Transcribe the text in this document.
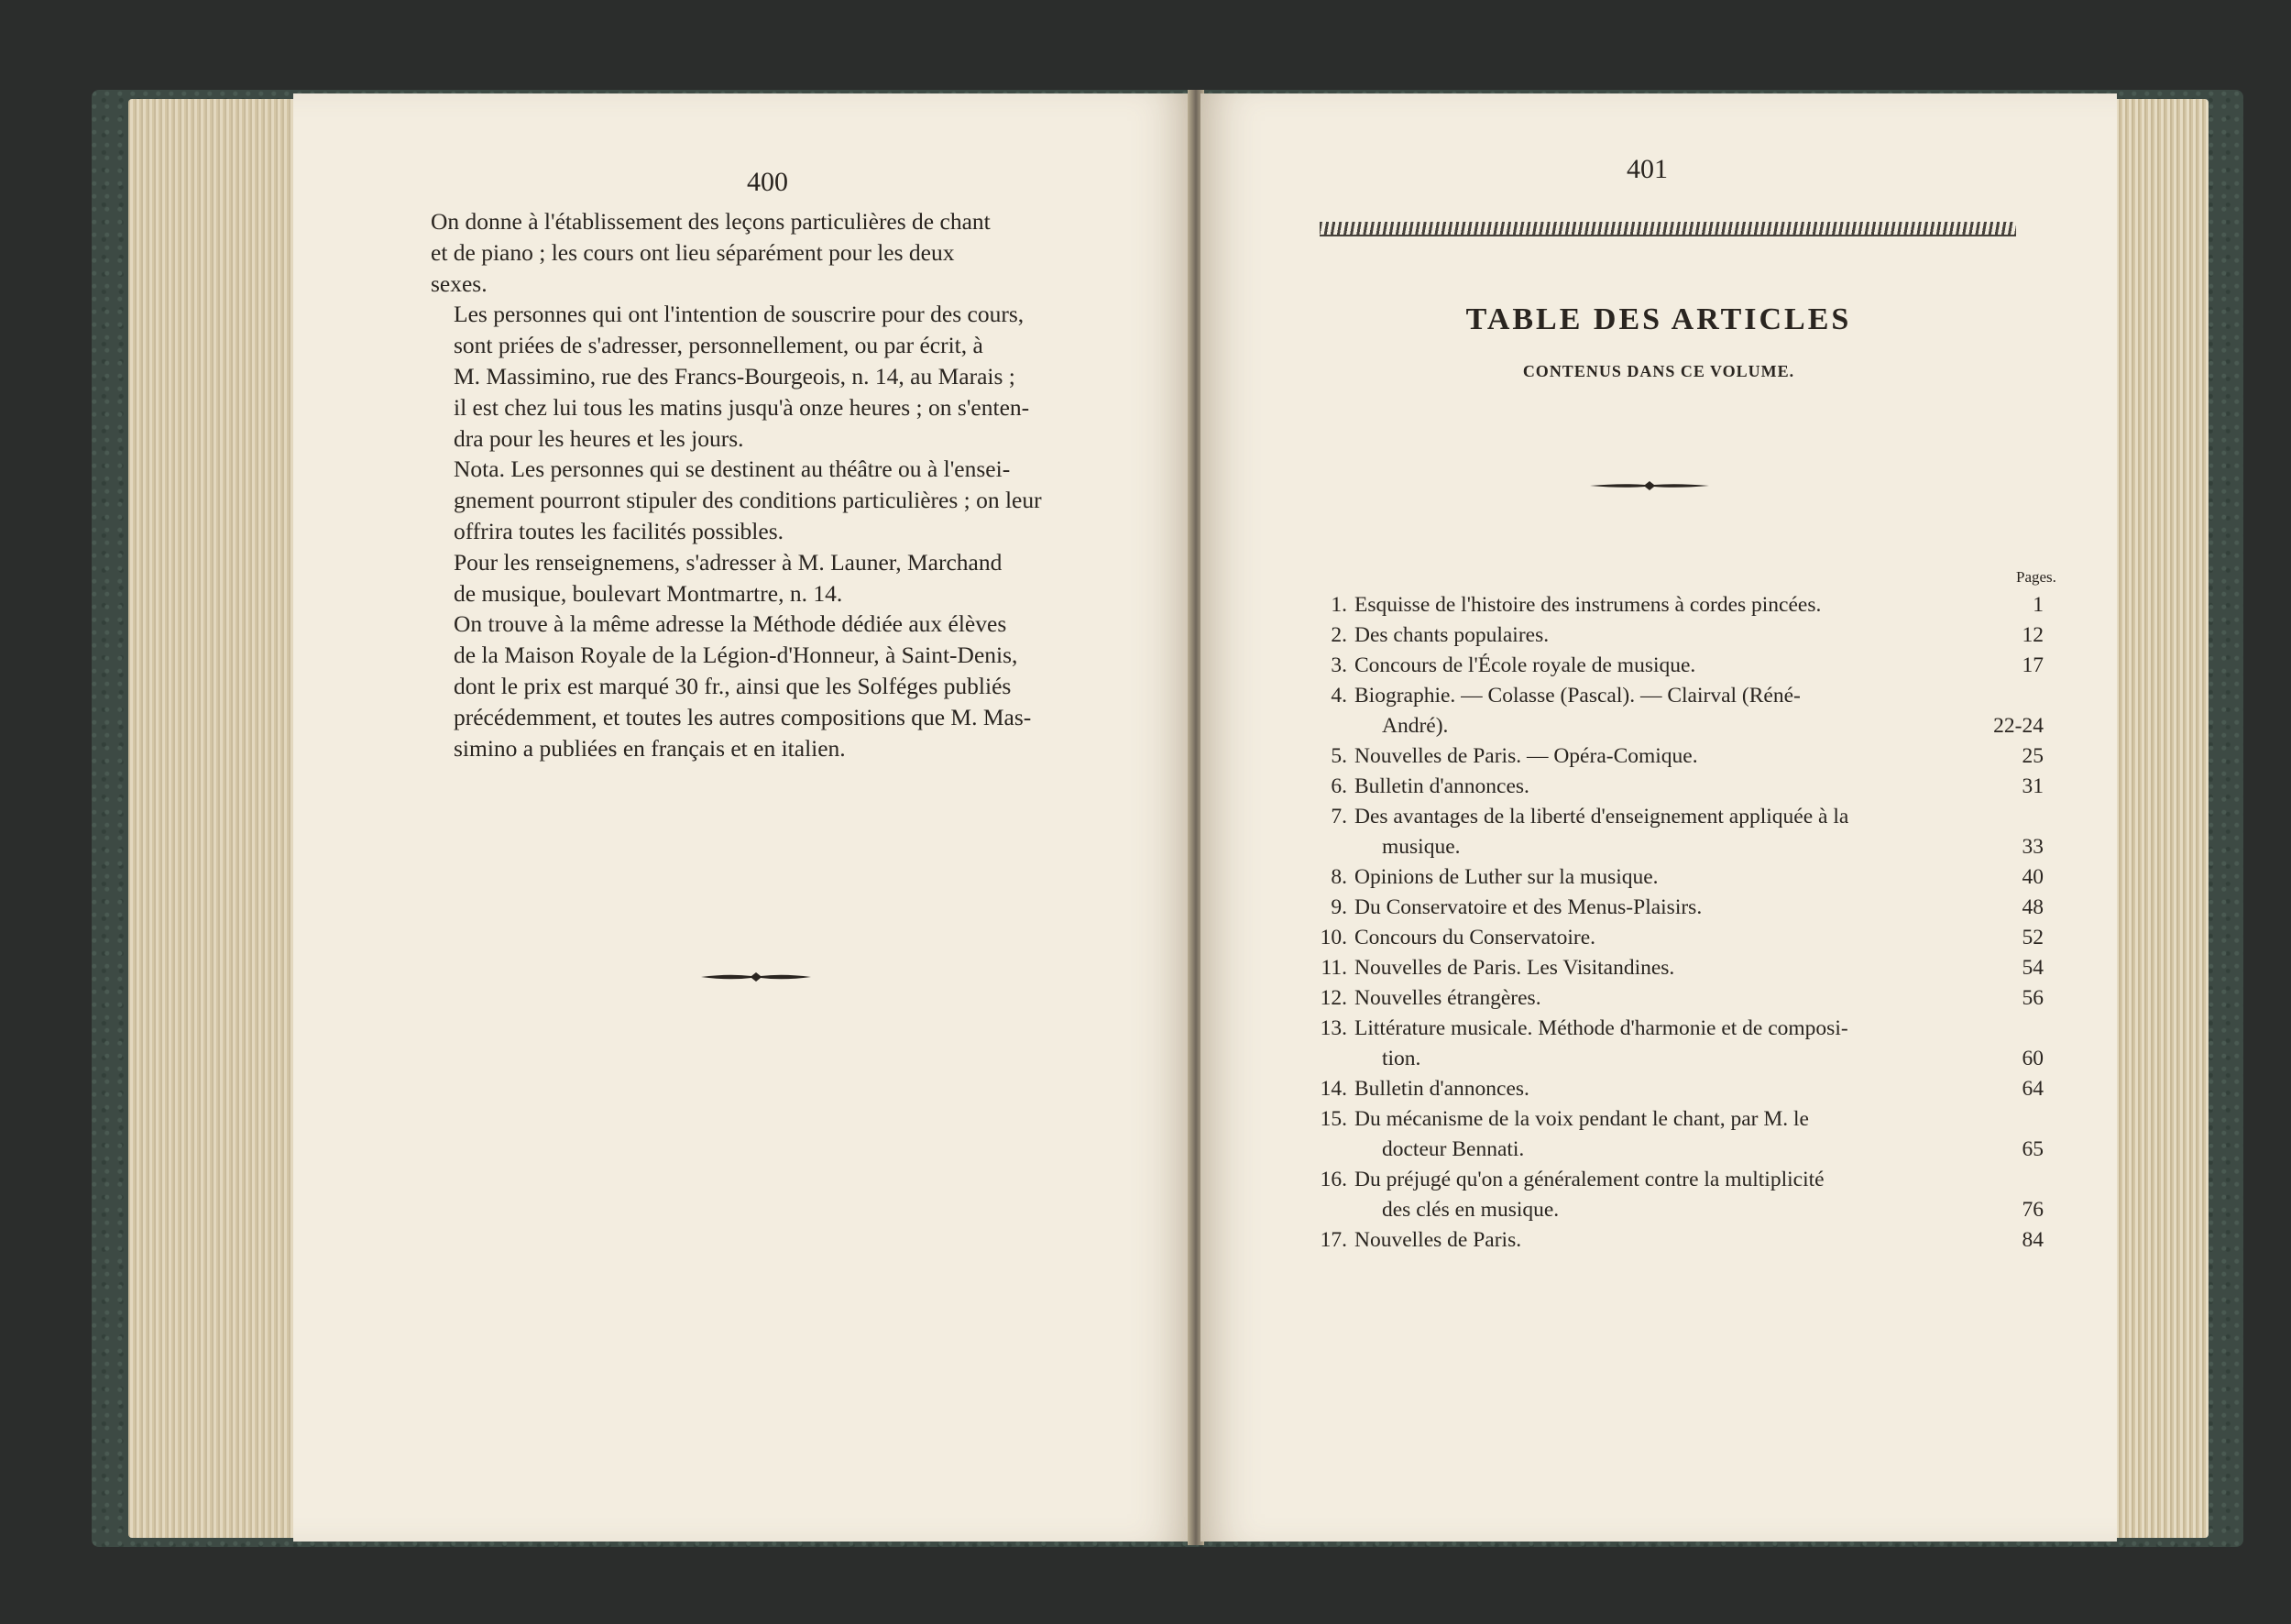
400

On donne à l'établissement des leçons particulières de chant
et de piano ; les cours ont lieu séparément pour les deux
sexes.

Les personnes qui ont l'intention de souscrire pour des cours,
sont priées de s'adresser, personnellement, ou par écrit, à
M. Massimino, rue des Francs-Bourgeois, n. 14, au Marais ;
il est chez lui tous les matins jusqu'à onze heures ; on s'enten-
dra pour les heures et les jours.

Nota. Les personnes qui se destinent au théâtre ou à l'ensei-
gnement pourront stipuler des conditions particulières ; on leur
offrira toutes les facilités possibles.

Pour les renseignemens, s'adresser à M. Launer, Marchand
de musique, boulevart Montmartre, n. 14.

On trouve à la même adresse la Méthode dédiée aux élèves
de la Maison Royale de la Légion-d'Honneur, à Saint-Denis,
dont le prix est marqué 30 fr., ainsi que les Solféges publiés
précédemment, et toutes les autres compositions que M. Mas-
simino a publiées en français et en italien.

401
TABLE DES ARTICLES
CONTENUS DANS CE VOLUME.
Pages.
1. Esquisse de l'histoire des instrumens à cordes pincées.	1
2. Des chants populaires.	12
3. Concours de l'École royale de musique.	17
4. Biographie. — Colasse (Pascal). — Clairval (Réné-
André).	22-24
5. Nouvelles de Paris. — Opéra-Comique.	25
6. Bulletin d'annonces.	31
7. Des avantages de la liberté d'enseignement appliquée à la
musique.	33
8. Opinions de Luther sur la musique.	40
9. Du Conservatoire et des Menus-Plaisirs.	48
10. Concours du Conservatoire.	52
11. Nouvelles de Paris. Les Visitandines.	54
12. Nouvelles étrangères.	56
13. Littérature musicale. Méthode d'harmonie et de composi-
tion.	60
14. Bulletin d'annonces.	64
15. Du mécanisme de la voix pendant le chant, par M. le
docteur Bennati.	65
16. Du préjugé qu'on a généralement contre la multiplicité
des clés en musique.	76
17. Nouvelles de Paris.	84
